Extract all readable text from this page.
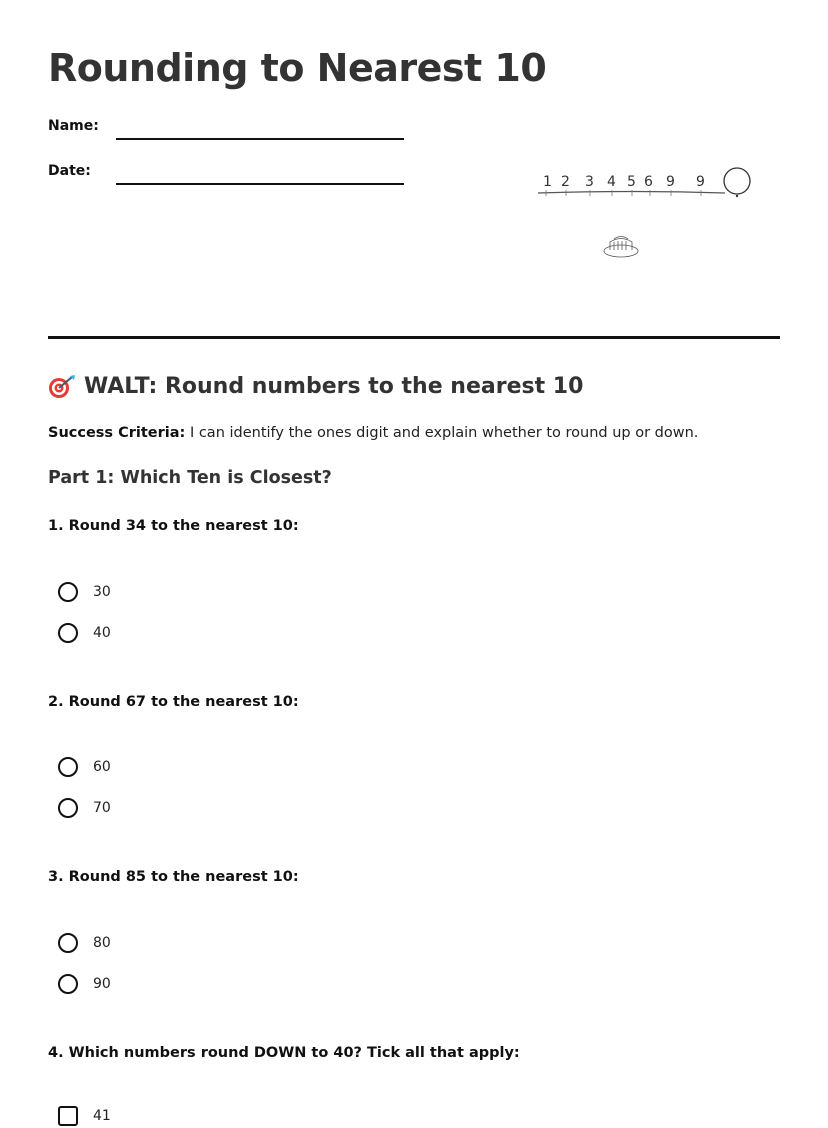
Rounding to Nearest 10
Name:
Date:
1 2 3 4 5 6 9 9
WALT: Round numbers to the nearest 10
Success Criteria: I can identify the ones digit and explain whether to round up or down.
Part 1: Which Ten is Closest?
1. Round 34 to the nearest 10:
30
40
2. Round 67 to the nearest 10:
60
70
3. Round 85 to the nearest 10:
80
90
4. Which numbers round DOWN to 40? Tick all that apply:
41
